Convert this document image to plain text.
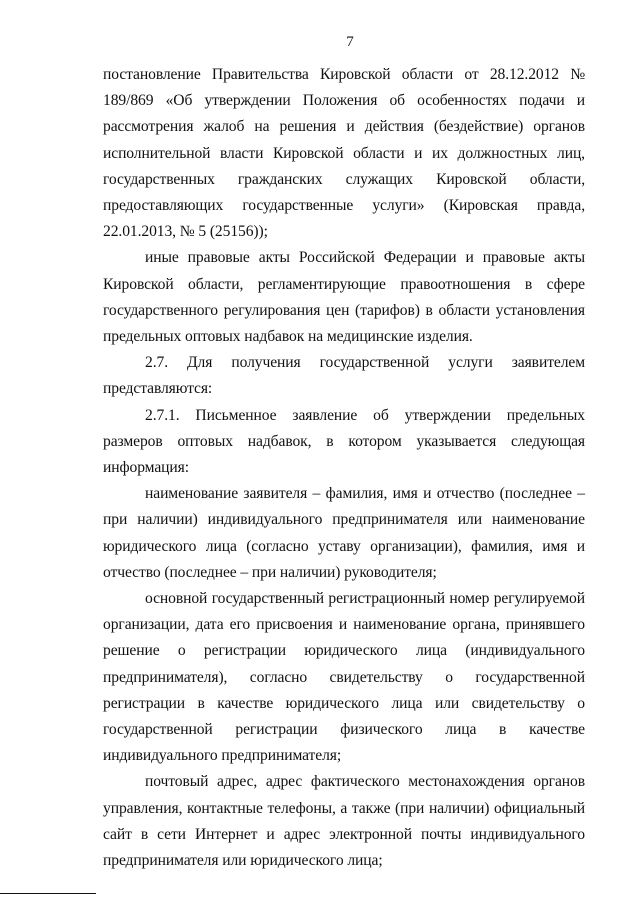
7

постановление Правительства Кировской области от 28.12.2012 № 189/869 «Об утверждении Положения об особенностях подачи и рассмотрения жалоб на решения и действия (бездействие) органов исполнительной власти Кировской области и их должностных лиц, государственных гражданских служащих Кировской области, предоставляющих государственные услуги» (Кировская правда, 22.01.2013, № 5 (25156));

иные правовые акты Российской Федерации и правовые акты Кировской области, регламентирующие правоотношения в сфере государственного регулирования цен (тарифов) в области установления предельных оптовых надбавок на медицинские изделия.

2.7. Для получения государственной услуги заявителем представляются:

2.7.1. Письменное заявление об утверждении предельных размеров оптовых надбавок, в котором указывается следующая информация:

наименование заявителя – фамилия, имя и отчество (последнее – при наличии) индивидуального предпринимателя или наименование юридического лица (согласно уставу организации), фамилия, имя и отчество (последнее – при наличии) руководителя;

основной государственный регистрационный номер регулируемой организации, дата его присвоения и наименование органа, принявшего решение о регистрации юридического лица (индивидуального предпринимателя), согласно свидетельству о государственной регистрации в качестве юридического лица или свидетельству о государственной регистрации физического лица в качестве индивидуального предпринимателя;

почтовый адрес, адрес фактического местонахождения органов управления, контактные телефоны, а также (при наличии) официальный сайт в сети Интернет и адрес электронной почты индивидуального предпринимателя или юридического лица;
